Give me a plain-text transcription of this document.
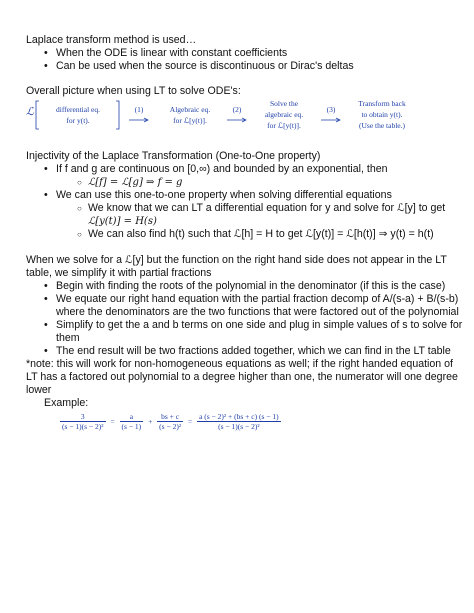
Laplace transform method is used…
• When the ODE is linear with constant coefficients
• Can be used when the source is discontinuous or Dirac's deltas
Overall picture when using LT to solve ODE's:
ℒ	differential eq.
for y(t).
(1)	Algebraic eq.
for ℒ[y(t)].
(2)
Solve the
algebraic eq.
for ℒ[y(t)].
(3)
Transform back
to obtain y(t).
(Use the table.)
Injectivity of the Laplace Transformation (One-to-One property)
• If f and g are continuous on [0,∞) and bounded by an exponential, then
○ ℒ[f] = ℒ[g] ⇒ f = g
• We can use this one-to-one property when solving differential equations
○ We know that we can LT a differential equation for y and solve for ℒ[y] to get
ℒ[y(t)] = H(s)
○ We can also find h(t) such that ℒ[h] = H to get ℒ[y(t)] = ℒ[h(t)] ⇒ y(t) = h(t)
When we solve for a ℒ[y] but the function on the right hand side does not appear in the LT
table, we simplify it with partial fractions
• Begin with finding the roots of the polynomial in the denominator (if this is the case)
• We equate our right hand equation with the partial fraction decomp of A/(s-a) + B/(s-b)
where the denominators are the two functions that were factored out of the polynomial
• Simplify to get the a and b terms on one side and plug in simple values of s to solve for
them
• The end result will be two fractions added together, which we can find in the LT table
*note: this will work for non-homogeneous equations as well; if the right handed equation of
LT has a factored out polynomial to a degree higher than one, the numerator will one degree
lower
Example:
$\frac{3}{\text{(s − 1)(s − 2)²}} = \frac{a}{(s - 1)} + \frac{bs + c}{\text{(s − 2)²}} = \frac{\text{a (s − 2)² + (bs + c) (s − 1)}}{\text{(s − 1)(s − 2)²}}$
